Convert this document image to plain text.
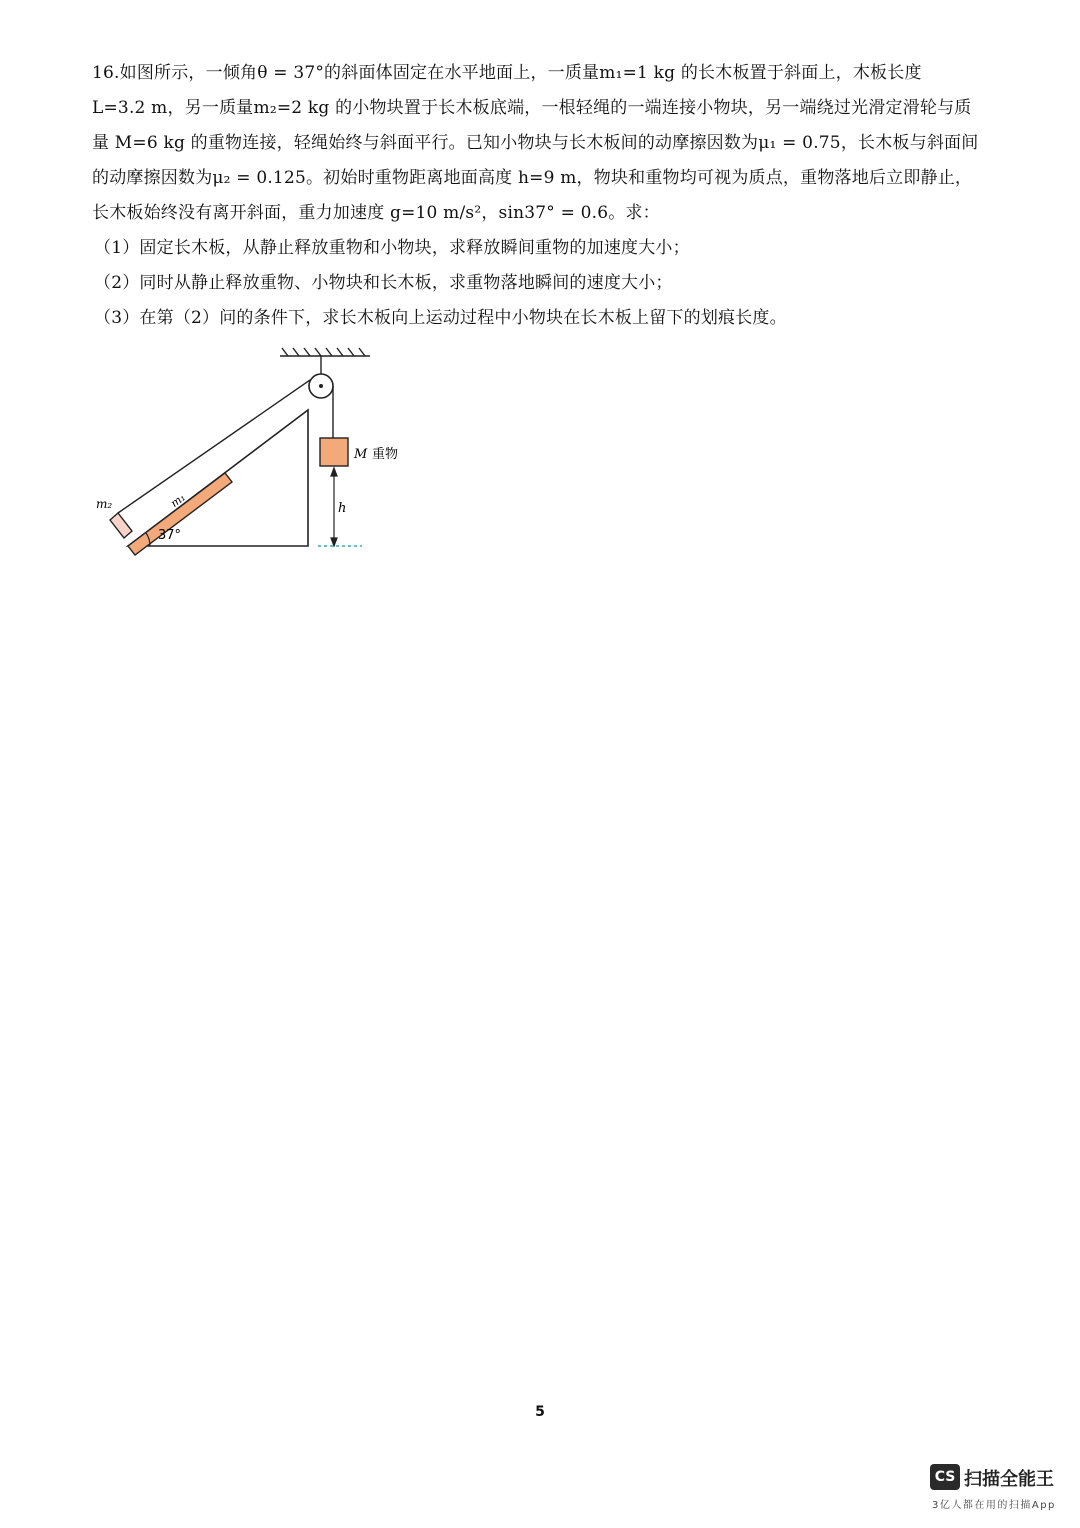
16.如图所示，一倾角θ = 37°的斜面体固定在水平地面上，一质量m₁=1 kg 的长木板置于斜面上，木板长度
L=3.2 m，另一质量m₂=2 kg 的小物块置于长木板底端，一根轻绳的一端连接小物块，另一端绕过光滑定滑轮与质
量 M=6 kg 的重物连接，轻绳始终与斜面平行。已知小物块与长木板间的动摩擦因数为μ₁ = 0.75，长木板与斜面间
的动摩擦因数为μ₂ = 0.125。初始时重物距离地面高度 h=9 m，物块和重物均可视为质点，重物落地后立即静止，
长木板始终没有离开斜面，重力加速度 g=10 m/s²，sin37° = 0.6。求：
（1）固定长木板，从静止释放重物和小物块，求释放瞬间重物的加速度大小；
（2）同时从静止释放重物、小物块和长木板，求重物落地瞬间的速度大小；
（3）在第（2）问的条件下，求长木板向上运动过程中小物块在长木板上留下的划痕长度。
m₂	m₁
37°
M 重物
h
5
CS 扫描全能王
3亿人都在用的扫描App
